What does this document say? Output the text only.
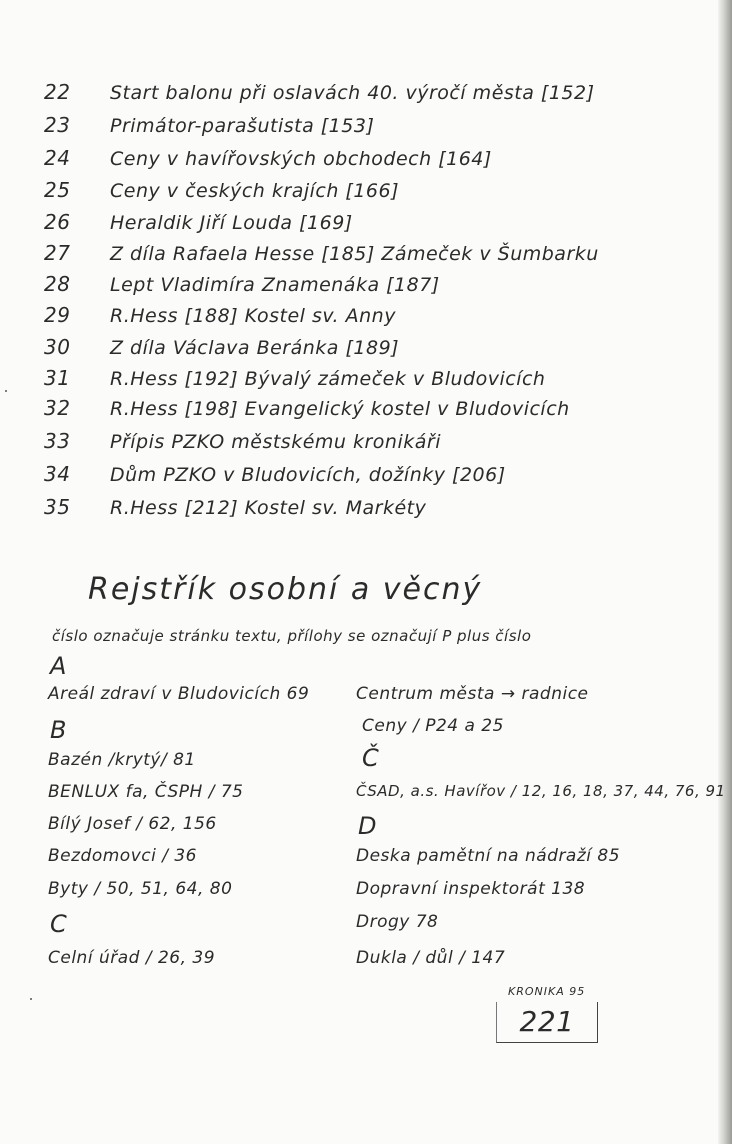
22	Start balonu při oslavách 40. výročí města [152]
23	Primátor-parašutista [153]
24	Ceny v havířovských obchodech [164]
25	Ceny v českých krajích [166]
26	Heraldik Jiří Louda [169]
27	Z díla Rafaela Hesse [185] Zámeček v Šumbarku
28	Lept Vladimíra Znamenáka [187]
29	R.Hess [188] Kostel sv. Anny
30	Z díla Václava Beránka [189]
31	R.Hess [192] Bývalý zámeček v Bludovicích
32	R.Hess [198] Evangelický kostel v Bludovicích
33	Přípis PZKO městskému kronikáři
34	Dům PZKO v Bludovicích, dožínky [206]
35	R.Hess [212] Kostel sv. Markéty
Rejstřík osobní a věcný
číslo označuje stránku textu, přílohy se označují P plus číslo
A
Areál zdraví v Bludovicích 69
B
Bazén /krytý/ 81
BENLUX fa, ČSPH / 75
Bílý Josef / 62, 156
Bezdomovci / 36
Byty / 50, 51, 64, 80
C
Celní úřad / 26, 39
Centrum města → radnice
Ceny / P24 a 25
Č
ČSAD, a.s. Havířov / 12, 16, 18, 37, 44, 76, 91
D
Deska pamětní na nádraží 85
Dopravní inspektorát 138
Drogy 78
Dukla / důl / 147
KRONIKA 95
221
